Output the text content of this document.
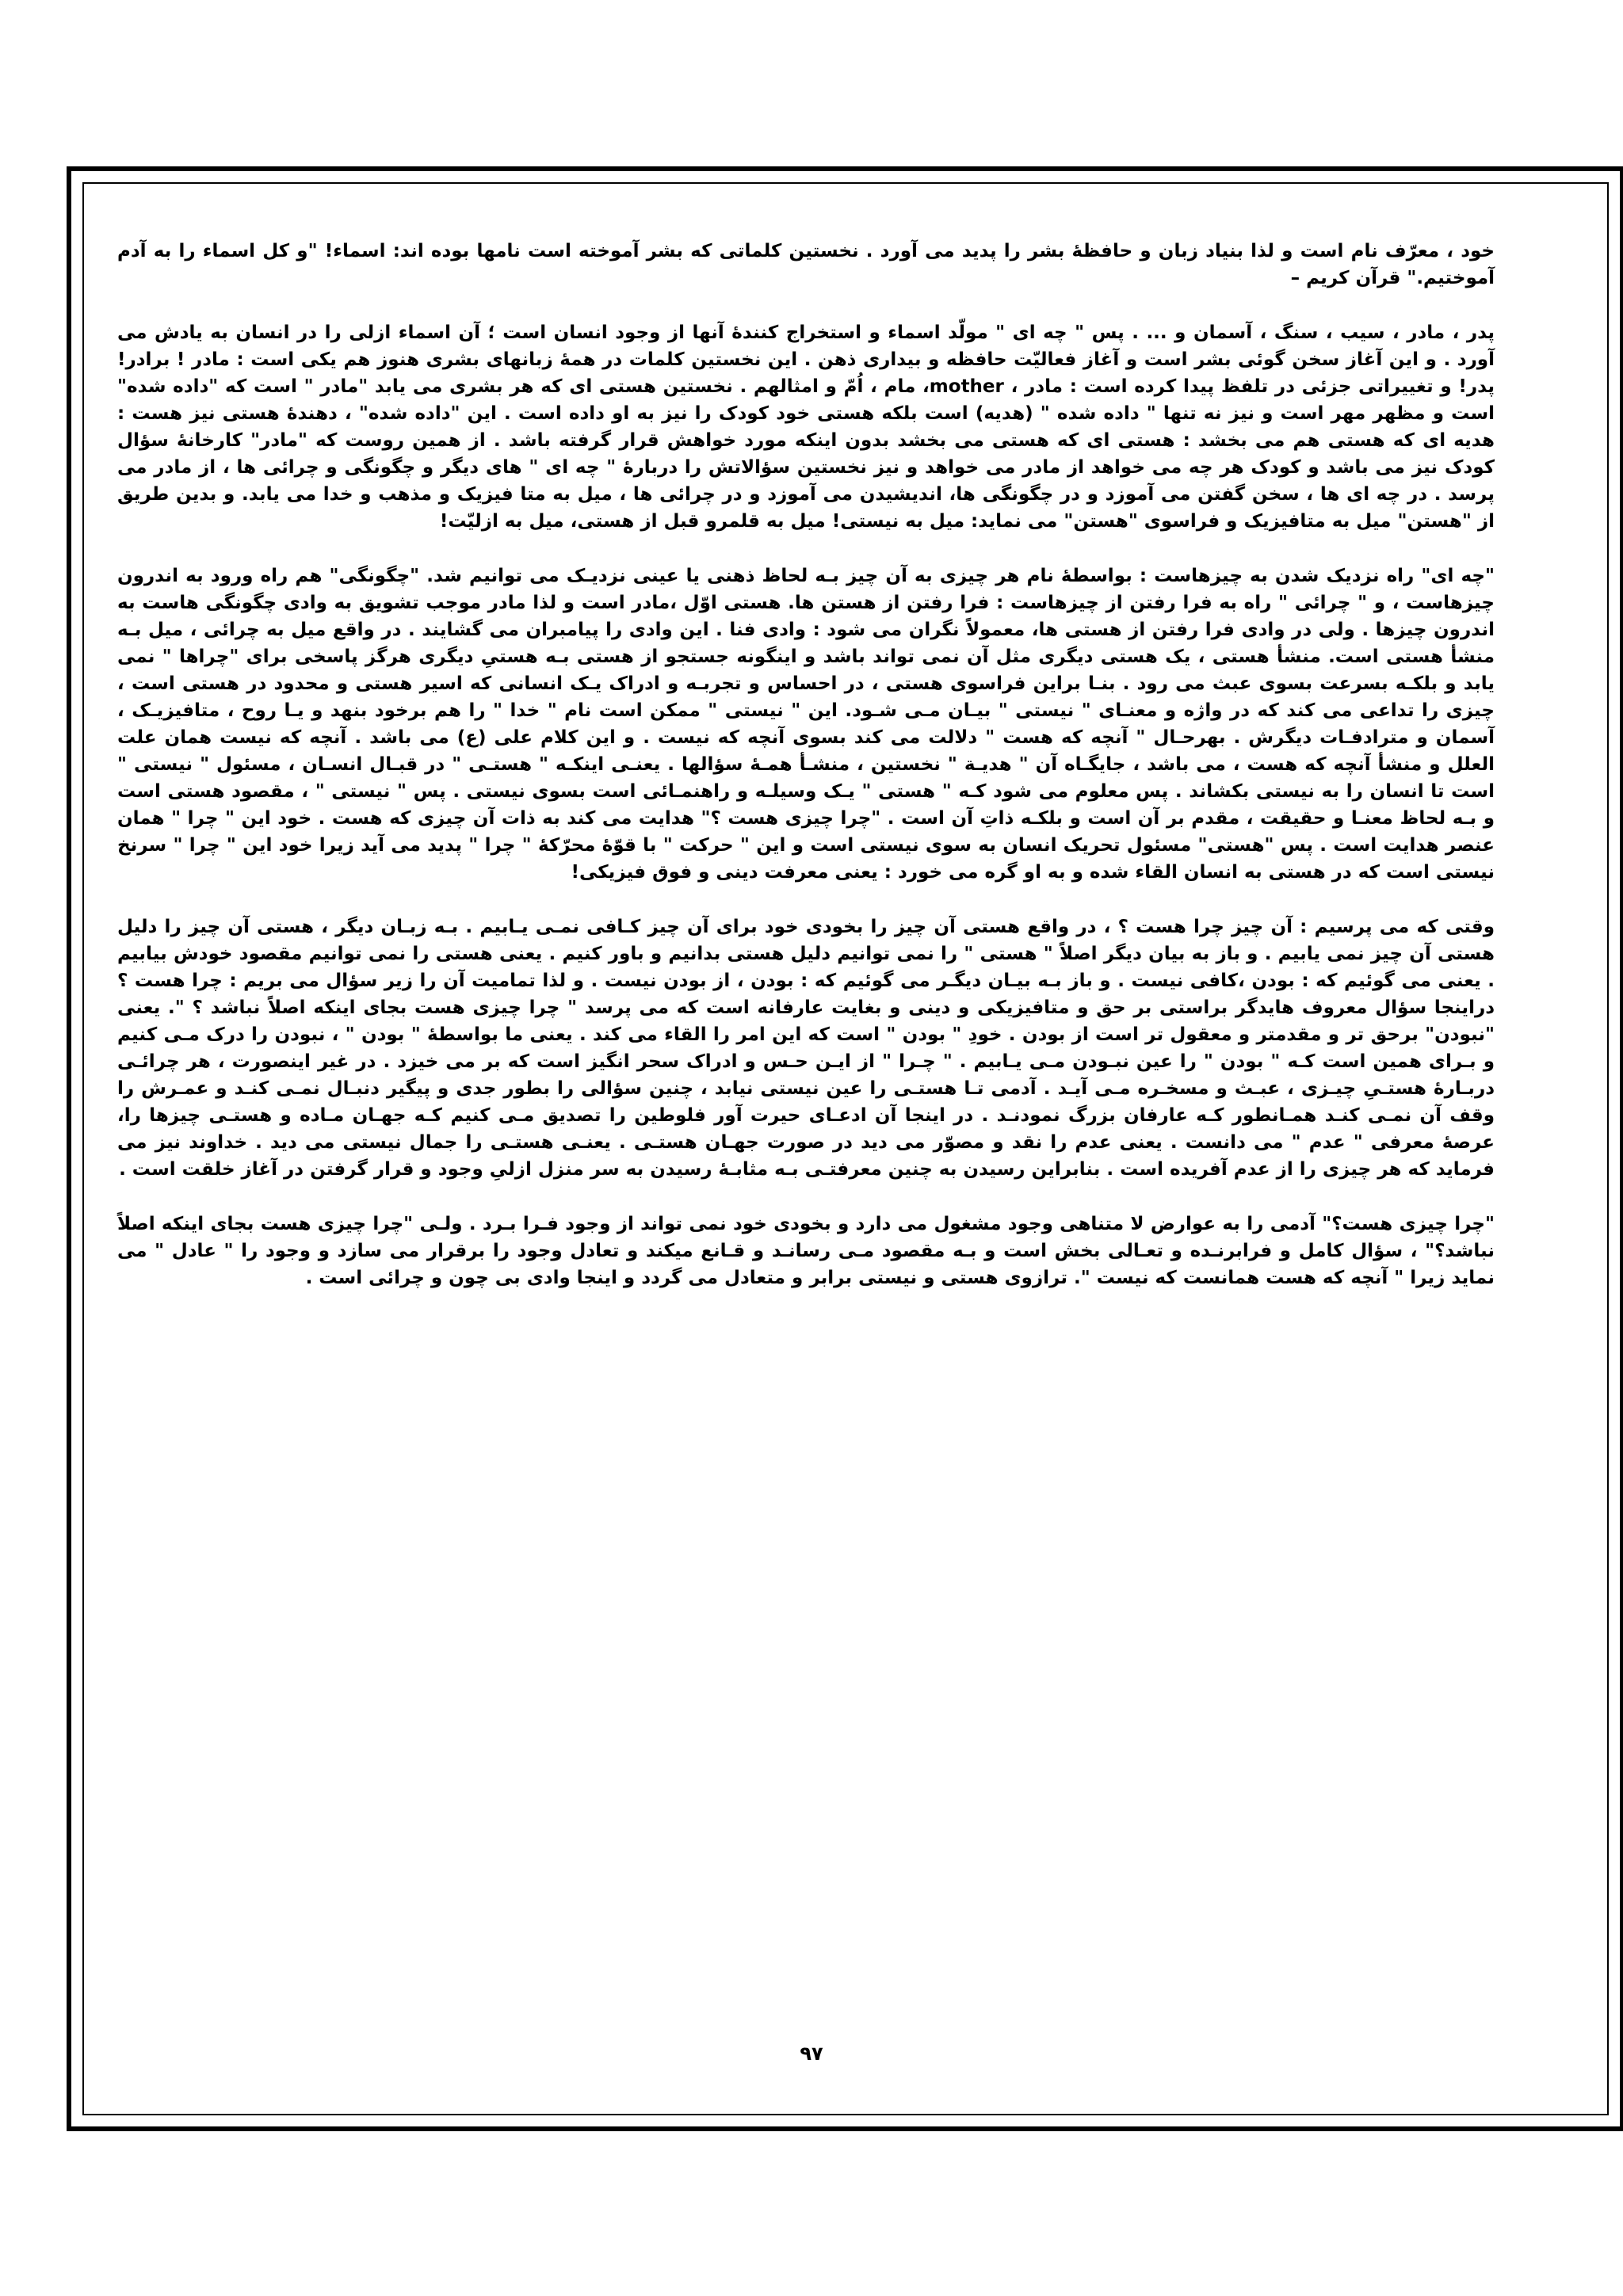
خود ، معرّف نام است و لذا بنیاد زبان و حافظهٔ بشر را پدید می آورد . نخستین کلماتی که بشر آموخته است نامها بوده اند: اسماء! "و کل اسماء را به آدم آموختیم." قرآن کریم –

پدر ، مادر ، سیب ، سنگ ، آسمان و ... . پس " چه ای " مولّد اسماء و استخراج کنندهٔ آنها از وجود انسان است ؛ آن اسماء ازلی را در انسان به یادش می آورد . و این آغاز سخن گوئی بشر است و آغاز فعالیّت حافظه و بیداری ذهن . این نخستین کلمات در همهٔ زبانهای بشری هنوز هم یکی است : مادر ! برادر! پدر! و تغییراتی جزئی در تلفظ پیدا کرده است : مادر ، mother، مام ، اُمّ و امثالهم . نخستین هستی ای که هر بشری می یابد "مادر " است که "داده شده" است و مظهر مهر است و نیز نه تنها " داده شده " (هدیه) است بلکه هستی خود کودک را نیز به او داده است . این "داده شده" ، دهندهٔ هستی نیز هست : هدیه ای که هستی هم می بخشد : هستی ای که هستی می بخشد بدون اینکه مورد خواهش قرار گرفته باشد . از همین روست که "مادر" کارخانهٔ سؤال کودک نیز می باشد و کودک هر چه می خواهد از مادر می خواهد و نیز نخستین سؤالاتش را دربارهٔ " چه ای " های دیگر و چگونگی و چرائی ها ، از مادر می پرسد . در چه ای ها ، سخن گفتن می آموزد و در چگونگی ها، اندیشیدن می آموزد و در چرائی ها ، میل به متا فیزیک و مذهب و خدا می یابد. و بدین طریق از "هستن" میل به متافیزیک و فراسوی "هستن" می نماید: میل به نیستی! میل به قلمرو قبل از هستی، میل به ازلیّت!

"چه ای" راه نزدیک شدن به چیزهاست : بواسطهٔ نام هر چیزی به آن چیز بـه لحاظ ذهنی یا عینی نزدیـک می توانیم شد. "چگونگی" هم راه ورود به اندرون چیزهاست ، و " چرائی " راه به فرا رفتن از چیزهاست : فرا رفتن از هستن ها. هستی اوّل ،مادر است و لذا مادر موجب تشویق به وادی چگونگی هاست به اندرون چیزها . ولی در وادی فرا رفتن از هستی ها، معمولاً نگران می شود : وادی فنا . این وادی را پیامبران می گشایند . در واقع میل به چرائی ، میل بـه منشأ هستی است. منشأ هستی ، یک هستی دیگری مثل آن نمی تواند باشد و اینگونه جستجو از هستی بـه هستیِ دیگری هرگز پاسخی برای "چراها " نمی یابد و بلکـه بسرعت بسوی عبث می رود . بنـا براین فراسوی هستی ، در احساس و تجربـه و ادراک یـک انسانی که اسیر هستی و محدود در هستی است ، چیزی را تداعی می کند که در واژه و معنـای " نیستی " بیـان مـی شـود. این " نیستی " ممکن است نام " خدا " را هم برخود بنهد و یـا روح ، متافیزیـک ، آسمان و مترادفـات دیگرش . بهرحـال " آنچه که هست " دلالت می کند بسوی آنچه که نیست . و این کلام علی (ع) می باشد . آنچه که نیست همان علت العلل و منشأ آنچه که هست ، می باشد ، جایگـاه آن " هدیـة " نخستین ، منشـأ همـهٔ سؤالها . یعنـی اینکـه " هستـی " در قبـال انسـان ، مسئول " نیستی " است تا انسان را به نیستی بکشاند . پس معلوم می شود کـه " هستی " یـک وسیلـه و راهنمـائی است بسوی نیستی . پس " نیستی " ، مقصود هستی است و بـه لحاظ معنـا و حقیقت ، مقدم بر آن است و بلکـه ذاتِ آن است . "چرا چیزی هست ؟" هدایت می کند به ذات آن چیزی که هست . خود این " چرا " همان عنصر هدایت است . پس "هستی" مسئول تحریک انسان به سوی نیستی است و این " حرکت " با قوّهٔ محرّکهٔ " چرا " پدید می آید زیرا خود این " چرا " سرنخ نیستی است که در هستی به انسان القاء شده و به او گره می خورد : یعنی معرفت دینی و فوق فیزیکی!

وقتی که می پرسیم : آن چیز چرا هست ؟ ، در واقع هستی آن چیز را بخودی خود برای آن چیز کـافی نمـی یـابیم . بـه زبـان دیگر ، هستی آن چیز را دلیل هستی آن چیز نمی یابیم . و باز به بیان دیگر اصلاً " هستی " را نمی توانیم دلیل هستی بدانیم و باور کنیم . یعنی هستی را نمی توانیم مقصود خودش بیابیم . یعنی می گوئیم که : بودن ،کافی نیست . و باز بـه بیـان دیگـر می گوئیم که : بودن ، از بودن نیست . و لذا تمامیت آن را زیر سؤال می بریم : چرا هست ؟ دراینجا سؤال معروف هایدگر براستی بر حق و متافیزیکی و دینی و بغایت عارفانه است که می پرسد " چرا چیزی هست بجای اینکه اصلاً نباشد ؟ ". یعنی "نبودن" برحق تر و مقدمتر و معقول تر است از بودن . خودِ " بودن " است که این امر را القاء می کند . یعنی ما بواسطهٔ " بودن " ، نبودن را درک مـی کنیم و بـرای همین است کـه " بودن " را عین نبـودن مـی یـابیم . " چـرا " از ایـن حـس و ادراک سحر انگیز است که بر می خیزد . در غیر اینصورت ، هر چرائـی دربـارهٔ هستـیِ چیـزی ، عبـث و مسخـره مـی آیـد . آدمی تـا هستـی را عین نیستی نیابد ، چنین سؤالی را بطور جدی و پیگیر دنبـال نمـی کنـد و عمـرش را وقف آن نمـی کنـد همـانطور کـه عارفان بزرگ نمودنـد . در اینجا آن ادعـای حیرت آور فلوطین را تصدیق مـی کنیم کـه جهـان مـاده و هستـی چیزها را، عرصهٔ معرفی " عدم " می دانست . یعنی عدم را نقد و مصوّر می دید در صورت جهـان هستـی . یعنـی هستـی را جمال نیستی می دید . خداوند نیز می فرماید که هر چیزی را از عدم آفریده است . بنابراین رسیدن به چنین معرفتـی بـه مثابـهٔ رسیدن به سر منزل ازلیِ وجود و قرار گرفتن در آغاز خلقت است .

"چرا چیزی هست؟" آدمی را به عوارض لا متناهی وجود مشغول می دارد و بخودی خود نمی تواند از وجود فـرا بـرد . ولـی "چرا چیزی هست بجای اینکه اصلاً نباشد؟" ، سؤال کامل و فرابرنـده و تعـالی بخش است و بـه مقصود مـی رسانـد و قـانع میکند و تعادل وجود را برقرار می سازد و وجود را " عادل " می نماید زیرا " آنچه که هست همانست که نیست ". ترازوی هستی و نیستی برابر و متعادل می گردد و اینجا وادی بی چون و چرائی است .

۹۷
